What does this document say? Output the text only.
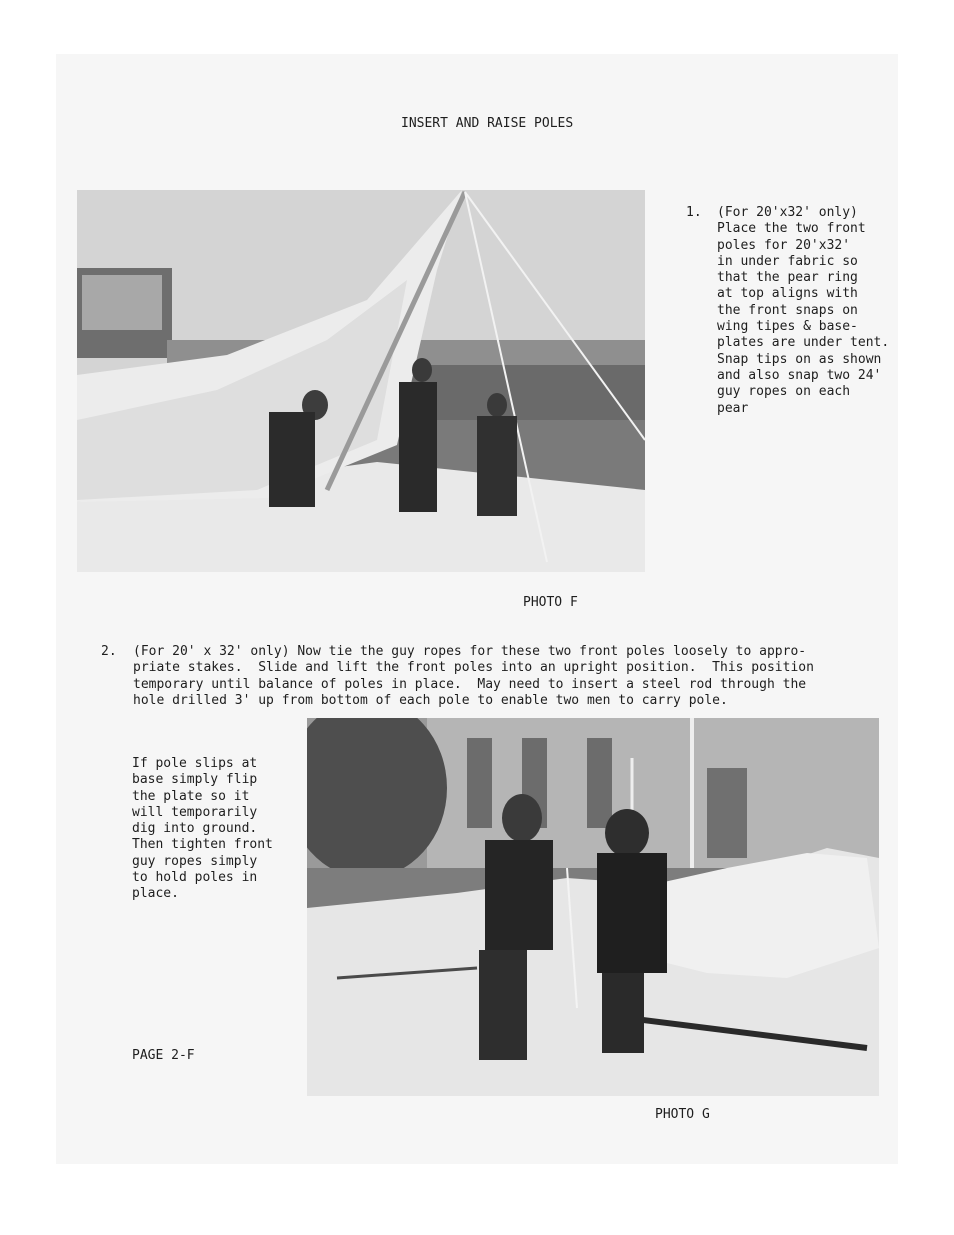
INSERT AND RAISE POLES
1. (For 20'x32' only)
Place the two front
poles for 20'x32'
in under fabric so
that the pear ring
at top aligns with
the front snaps on
wing tipes & base-
plates are under tent.
Snap tips on as shown
and also snap two 24'
guy ropes on each
pear
PHOTO F
2. (For 20' x 32' only) Now tie the guy ropes for these two front poles loosely to appro-
priate stakes.  Slide and lift the front poles into an upright position.  This position
temporary until balance of poles in place.  May need to insert a steel rod through the
hole drilled 3' up from bottom of each pole to enable two men to carry pole.
If pole slips at
base simply flip
the plate so it
will temporarily
dig into ground.
Then tighten front
guy ropes simply
to hold poles in
place.
PAGE 2-F
PHOTO G
